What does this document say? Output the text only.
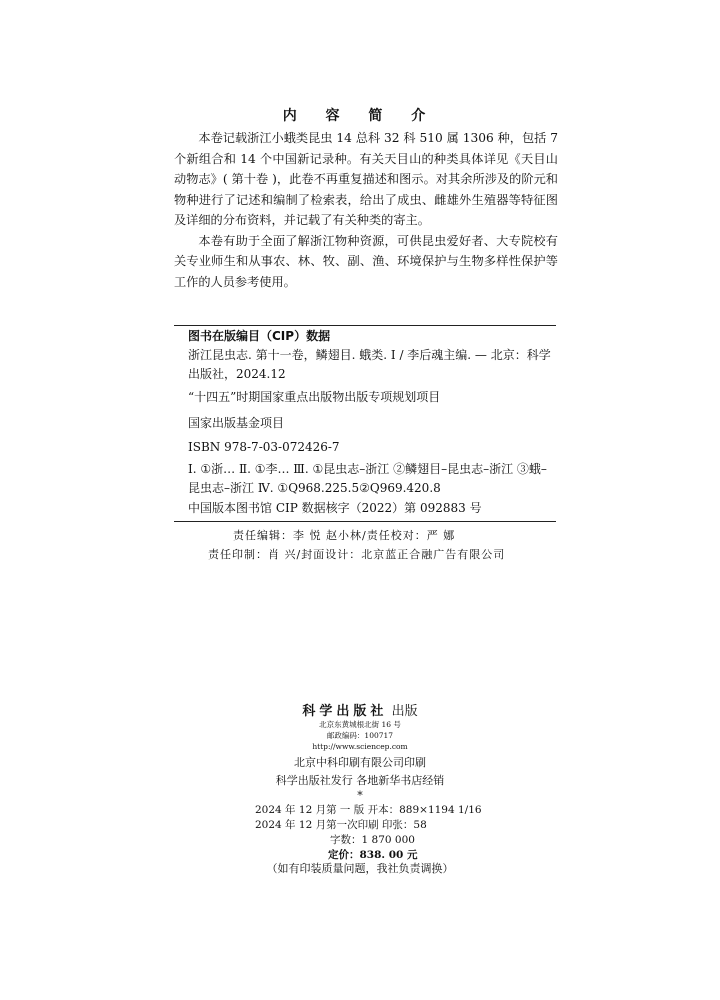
内 容 简 介

本卷记载浙江小蛾类昆虫 14 总科 32 科 510 属 1306 种，包括 7 个新组合和 14 个中国新记录种。有关天目山的种类具体详见《天目山动物志》( 第十卷 )，此卷不再重复描述和图示。对其余所涉及的阶元和物种进行了记述和编制了检索表，给出了成虫、雌雄外生殖器等特征图及详细的分布资料，并记载了有关种类的寄主。

本卷有助于全面了解浙江物种资源，可供昆虫爱好者、大专院校有关专业师生和从事农、林、牧、副、渔、环境保护与生物多样性保护等工作的人员参考使用。

图书在版编目（CIP）数据
浙江昆虫志. 第十一卷，鳞翅目. 蛾类. Ⅰ / 李后魂主编. — 北京：科学出版社，2024.12
“十四五”时期国家重点出版物出版专项规划项目
国家出版基金项目
ISBN 978-7-03-072426-7
Ⅰ. ①浙… Ⅱ. ①李… Ⅲ. ①昆虫志–浙江 ②鳞翅目–昆虫志–浙江 ③蛾–昆虫志–浙江 Ⅳ. ①Q968.225.5②Q969.420.8
中国版本图书馆 CIP 数据核字（2022）第 092883 号
责任编辑：李 悦 赵小林/责任校对：严 娜
责任印制：肖 兴/封面设计：北京蓝正合融广告有限公司
科学出版社 出版
北京东黄城根北街 16 号
邮政编码：100717
http://www.sciencep.com
北京中科印刷有限公司印刷
科学出版社发行 各地新华书店经销
*
2024 年 12 月第 一 版 开本：889×1194 1/16
2024 年 12 月第一次印刷 印张：58
字数：1 870 000
定价：838. 00 元
（如有印装质量问题，我社负责调换）
